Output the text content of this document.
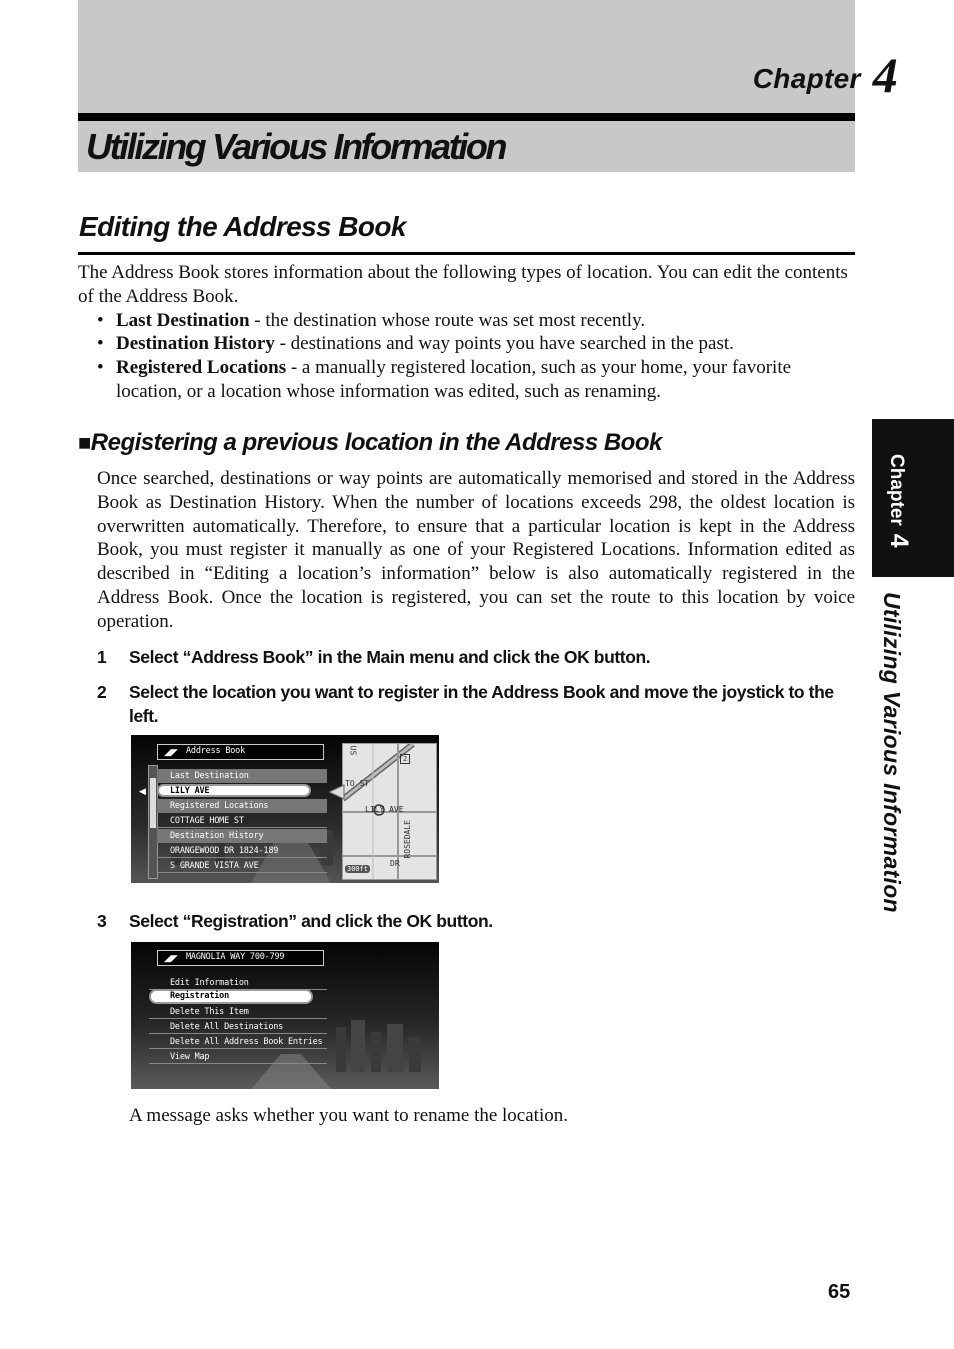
Chapter 4
Utilizing Various Information
Chapter4
Utilizing Various Information
Editing the Address Book
The Address Book stores information about the following types of location. You can edit the contents of the Address Book.
• Last Destination - the destination whose route was set most recently.
• Destination History - destinations and way points you have searched in the past.
• Registered Locations - a manually registered location, such as your home, your favorite location, or a location whose information was edited, such as renaming.
■Registering a previous location in the Address Book
Once searched, destinations or way points are automatically memorised and stored in the Address Book as Destination History. When the number of locations exceeds 298, the oldest location is overwritten automatically. Therefore, to ensure that a particular location is kept in the Address Book, you must register it manually as one of your Registered Locations. Information edited as described in “Editing a location’s information” below is also automatically registered in the Address Book. Once the location is registered, you can set the route to this location by voice operation.
1 Select “Address Book” in the Main menu and click the OK button.
2 Select the location you want to register in the Address Book and move the joystick to the left.
◢◤ Address Book
◀
Last Destination
LILY AVE
Registered Locations
COTTAGE HOME ST
Destination History
ORANGEWOOD DR 1824-189
S GRANDE VISTA AVE
US
2
TO ST
LILY AVE
ROSEDALE
DR
300ft
3 Select “Registration” and click the OK button.
◢◤ MAGNOLIA WAY 700-799
Edit Information
Registration
Delete This Item
Delete All Destinations
Delete All Address Book Entries
View Map
A message asks whether you want to rename the location.
65
